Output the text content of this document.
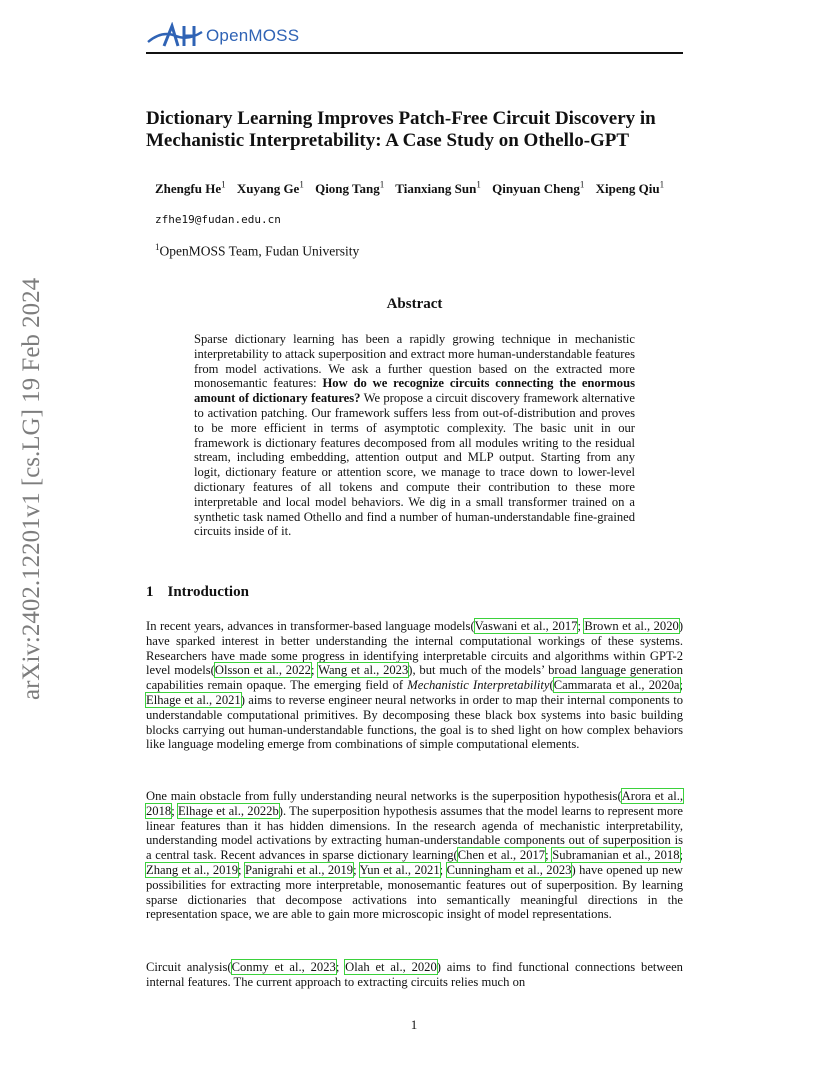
OpenMOSS
arXiv:2402.12201v1 [cs.LG] 19 Feb 2024
Dictionary Learning Improves Patch-Free Circuit Discovery in Mechanistic Interpretability: A Case Study on Othello-GPT
Zhengfu He$^1$ Xuyang Ge$^1$ Qiong Tang$^1$ Tianxiang Sun$^1$ Qinyuan Cheng$^1$ Xipeng Qiu$^1$
zfhe19@fudan.edu.cn
$^1$OpenMOSS Team, Fudan University
Abstract
Sparse dictionary learning has been a rapidly growing technique in mechanistic interpretability to attack superposition and extract more human-understandable features from model activations. We ask a further question based on the extracted more monosemantic features: How do we recognize circuits connecting the enormous amount of dictionary features? We propose a circuit discovery framework alternative to activation patching. Our framework suffers less from out-of-distribution and proves to be more efficient in terms of asymptotic complexity. The basic unit in our framework is dictionary features decomposed from all modules writing to the residual stream, including embedding, attention output and MLP output. Starting from any logit, dictionary feature or attention score, we manage to trace down to lower-level dictionary features of all tokens and compute their contribution to these more interpretable and local model behaviors. We dig in a small transformer trained on a synthetic task named Othello and find a number of human-understandable fine-grained circuits inside of it.
1 Introduction
In recent years, advances in transformer-based language models(Vaswani et al., 2017; Brown et al., 2020) have sparked interest in better understanding the internal computational workings of these systems. Researchers have made some progress in identifying interpretable circuits and algorithms within GPT-2 level models(Olsson et al., 2022; Wang et al., 2023), but much of the models’ broad language generation capabilities remain opaque. The emerging field of Mechanistic Interpretability(Cammarata et al., 2020a; Elhage et al., 2021) aims to reverse engineer neural networks in order to map their internal components to understandable computational primitives. By decomposing these black box systems into basic building blocks carrying out human-understandable functions, the goal is to shed light on how complex behaviors like language modeling emerge from combinations of simple computational elements.
One main obstacle from fully understanding neural networks is the superposition hypothesis(Arora et al., 2018; Elhage et al., 2022b). The superposition hypothesis assumes that the model learns to represent more linear features than it has hidden dimensions. In the research agenda of mechanistic interpretability, understanding model activations by extracting human-understandable components out of superposition is a central task. Recent advances in sparse dictionary learning(Chen et al., 2017; Subramanian et al., 2018; Zhang et al., 2019; Panigrahi et al., 2019; Yun et al., 2021; Cunningham et al., 2023) have opened up new possibilities for extracting more interpretable, monosemantic features out of superposition. By learning sparse dictionaries that decompose activations into semantically meaningful directions in the representation space, we are able to gain more microscopic insight of model representations.
Circuit analysis(Conmy et al., 2023; Olah et al., 2020) aims to find functional connections between internal features. The current approach to extracting circuits relies much on
1
